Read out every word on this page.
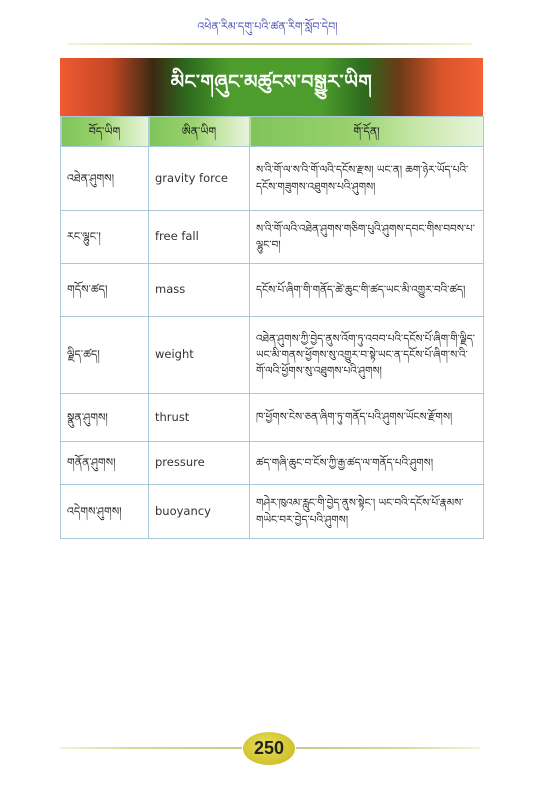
འཕེན་རིམ་དགུ་པའི་ཚན་རིག་སློབ་དེབ།
མིང་གཞུང་མཚུངས་བསྒྱུར་ཡིག
བོད་ཡིག	ཨིན་ཡིག	གོ་དོན།
འཐེན་ཤུགས།	gravity force	ས་འི་གོ་ལ་ས་འི་གོ་ལའི་དངོས་རྫས། ཡང་ན། ཆག་ཉེར་ཡོད་པའི་དངོས་གཟུགས་འཐུགས་པའི་ཤུགས།
རང་ལྷུང་།	free fall	ས་འི་གོ་ལའི་འཐེན་ཤུགས་གཅིག་པུའི་ཤུགས་དབང་གིས་བབས་པ་ལྷུང་བ།
གདོས་ཚད།	mass	དངོས་པོ་ཞིག་གི་གནོད་ཚེ་ཆུང་གི་ཚད་ཡང་མི་འགྱུར་བའི་ཚད།
ལྗིད་ཚད།	weight	འཐེན་ཤུགས་ཀྱི་བྱེད་ནུས་འོག་ཏུ་འབབ་པའི་དངོས་པོ་ཞིག་གི་ལྗིད་ཡང་མི་གནས་ཕྱོགས་སུ་འགྱུར་བ་སྟེ་ཡང་ན་དངོས་པོ་ཞིག་ས་འི་གོ་ལའི་ཕྱོགས་སུ་འཐུགས་པའི་ཤུགས།
སྣུན་ཤུགས།	thrust	ཁ་ཕྱོགས་ངེས་ཅན་ཞིག་ཏུ་གནོད་པའི་ཤུགས་ཡོངས་རྫོགས།
གནོན་ཤུགས།	pressure	ཚད་གཞི་ཆུང་བ་ངོས་ཀྱི་རྒྱ་ཚད་ལ་གནོད་པའི་ཤུགས།
འདེགས་ཤུགས།	buoyancy	གཤེར་ཁུའམ་རླུང་གི་བྱེད་ནུས་སྟེང་། ཡང་བའི་དངོས་པོ་རྣམས་གཡེང་བར་བྱེད་པའི་ཤུགས།
250
